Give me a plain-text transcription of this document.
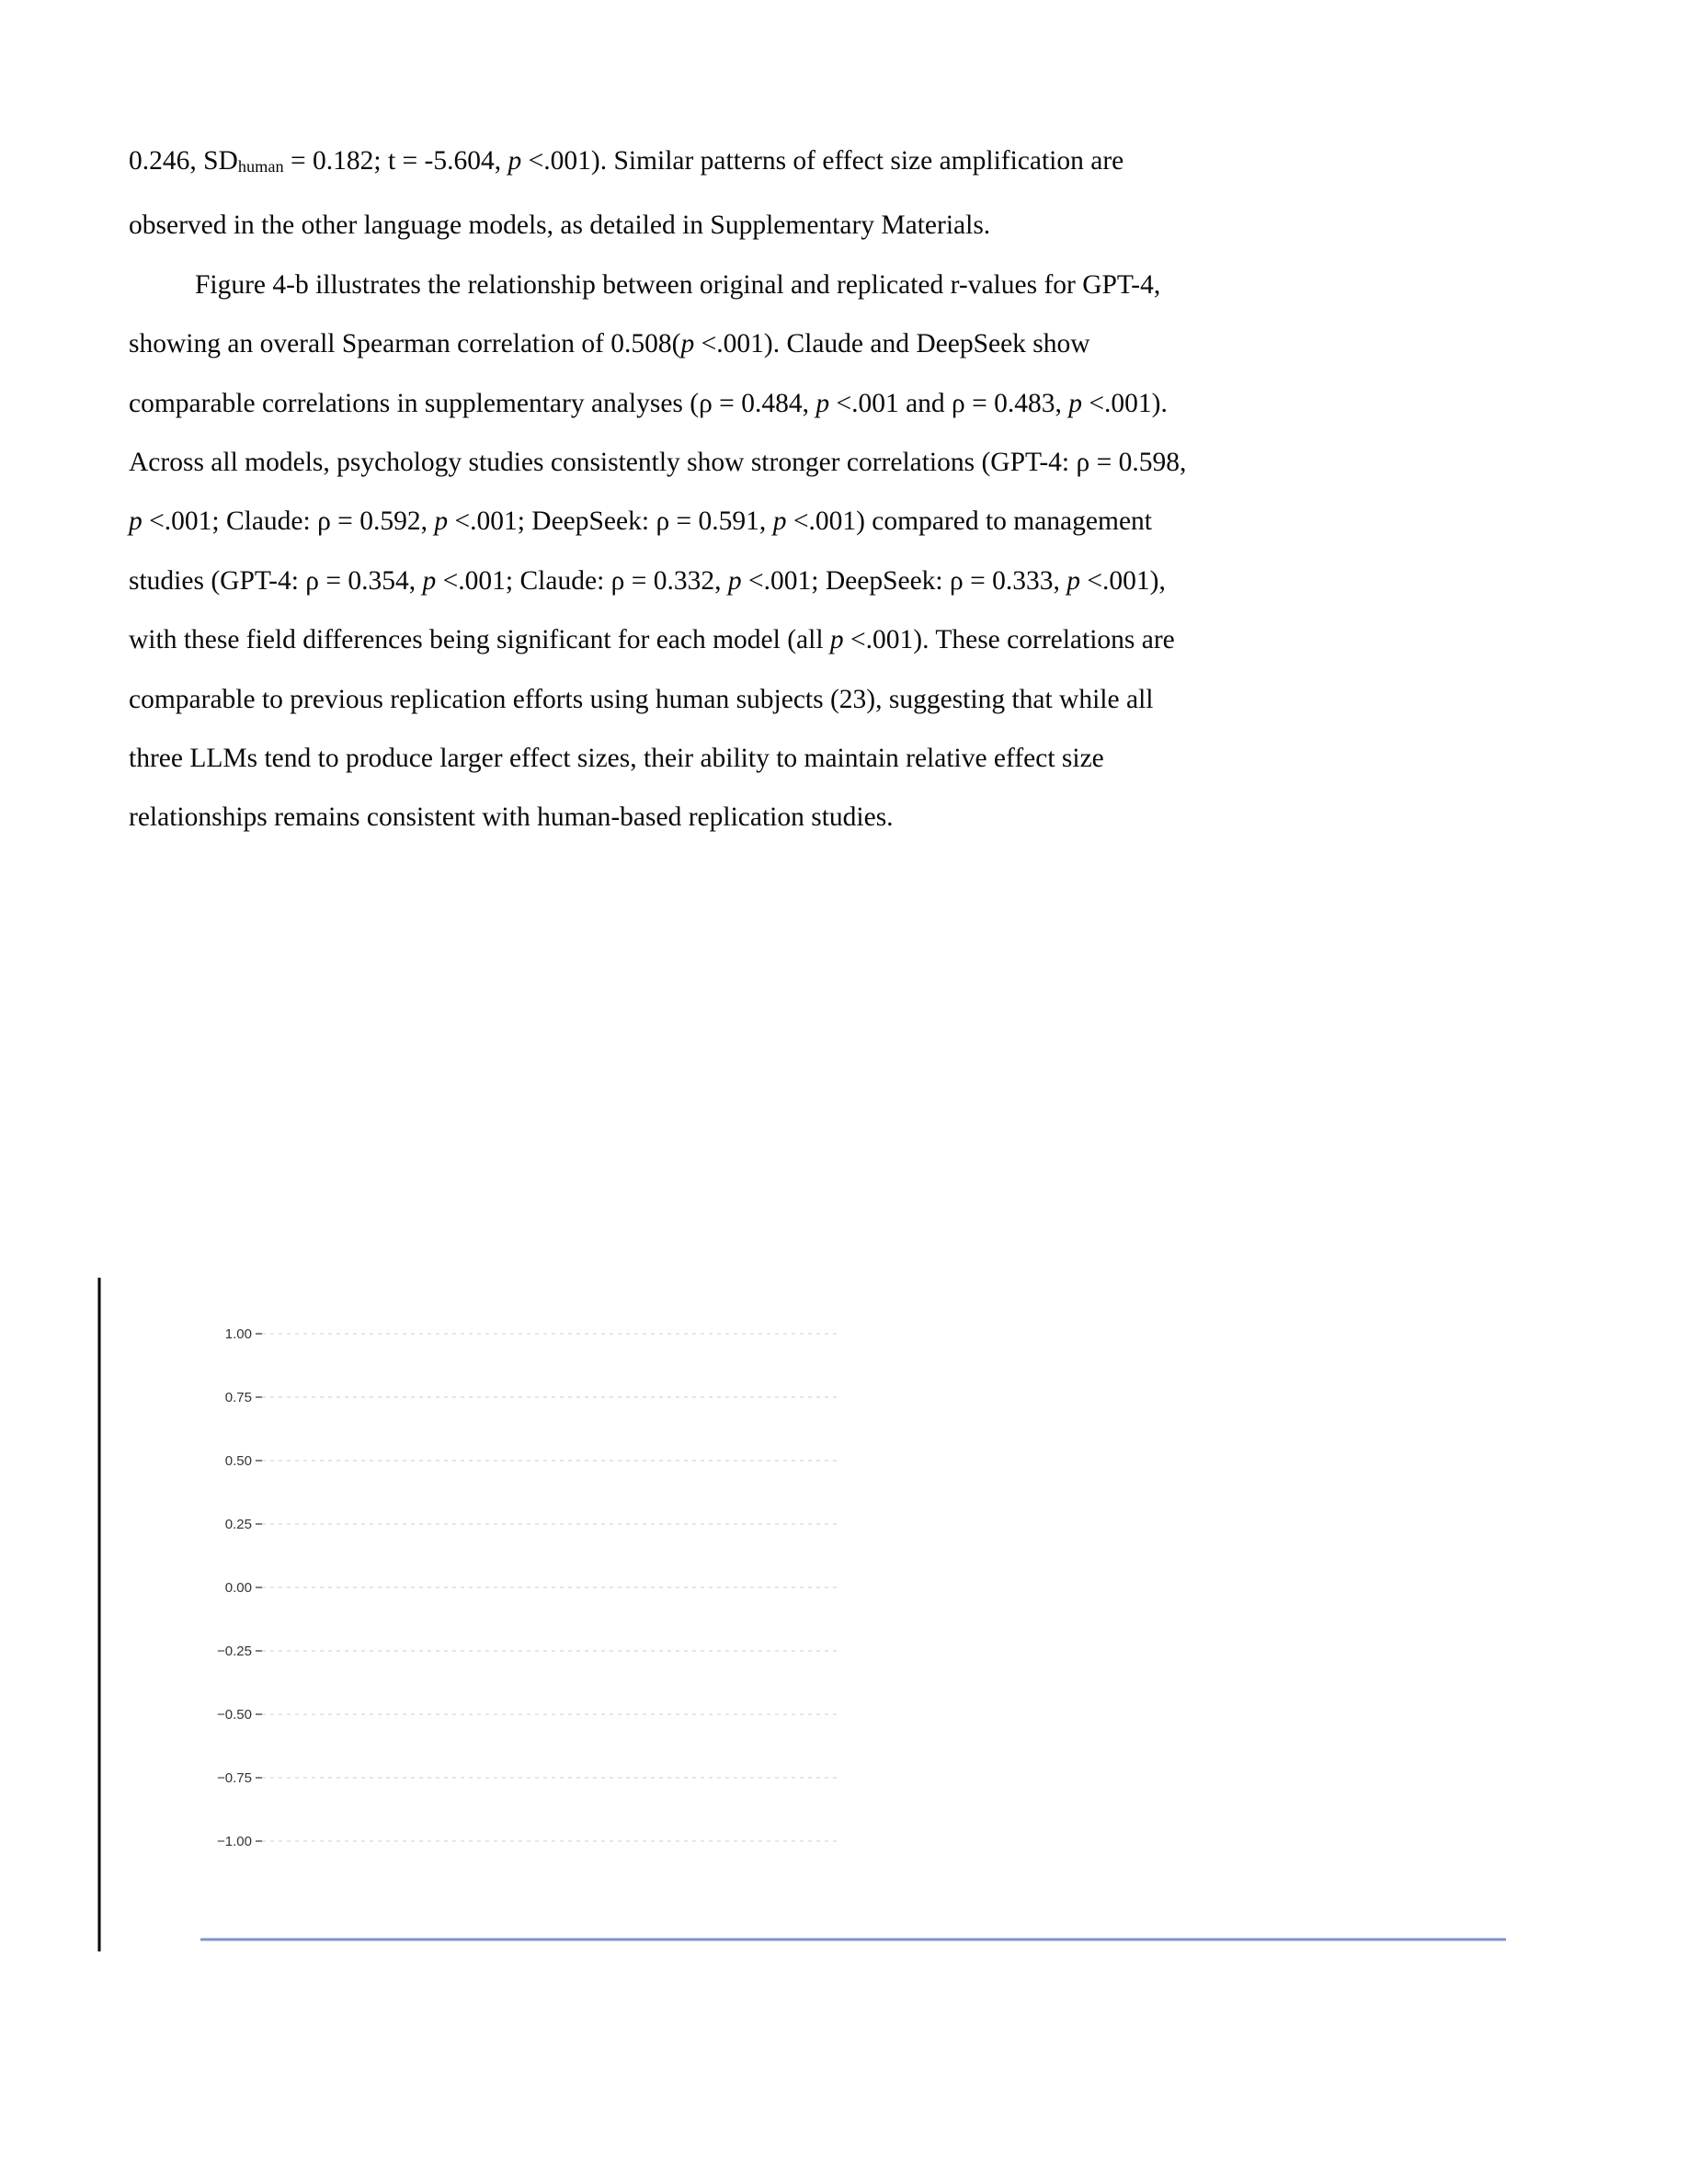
0.246, SDhuman = 0.182; t = -5.604, p <.001). Similar patterns of effect size amplification are
observed in the other language models, as detailed in Supplementary Materials.
Figure 4-b illustrates the relationship between original and replicated r-values for GPT-4,
showing an overall Spearman correlation of 0.508(p <.001). Claude and DeepSeek show
comparable correlations in supplementary analyses (ρ = 0.484, p <.001 and ρ = 0.483, p <.001).
Across all models, psychology studies consistently show stronger correlations (GPT-4: ρ = 0.598,
p <.001; Claude: ρ = 0.592, p <.001; DeepSeek: ρ = 0.591, p <.001) compared to management
studies (GPT-4: ρ = 0.354, p <.001; Claude: ρ = 0.332, p <.001; DeepSeek: ρ = 0.333, p <.001),
with these field differences being significant for each model (all p <.001). These correlations are
comparable to previous replication efforts using human subjects (23), suggesting that while all
three LLMs tend to produce larger effect sizes, their ability to maintain relative effect size
relationships remains consistent with human-based replication studies.
1.00
0.75
0.50
0.25
0.00
−0.25
−0.50
−0.75
−1.00
